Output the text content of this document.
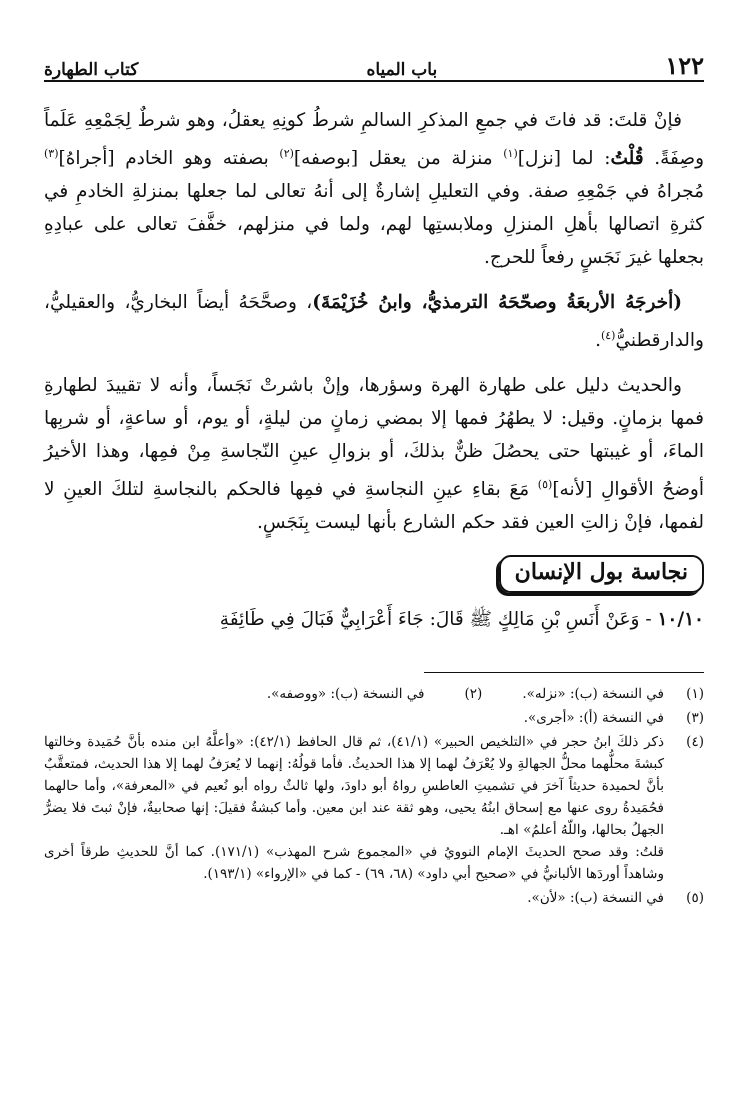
١٢٢
باب المياه
كتاب الطهارة

فإنْ قلتَ: قد فاتَ في جمعِ المذكرِ السالمِ شرطُ كونِهِ يعقلُ، وهو شرطٌ لِجَمْعِهِ عَلَماً وصِفَةً. قُلْتُ: لما [نزل]$^{(١)}$ منزلة من يعقل [بوصفه]$^{(٢)}$ بصفته وهو الخادم [أجراهُ]$^{(٣)}$ مُجراهُ في جَمْعِهِ صفة. وفي التعليلِ إشارةٌ إلى أنهُ تعالى لما جعلها بمنزلةِ الخادمِ في كثرةِ اتصالها بأهلِ المنزلِ وملابستِها لهم، ولما في منزلهم، خفَّفَ تعالى على عبادِهِ بجعلها غيرَ نَجَسٍ رفعاً للحرج.

(أخرجَهُ الأربعَةُ وصحّحَهُ الترمذيُّ، وابنُ خُزَيْمَةَ)، وصحَّحَهُ أيضاً البخاريُّ، والعقيليُّ، والدارقطنيُّ$^{(٤)}$.

والحديث دليل على طهارة الهرة وسؤرها، وإنْ باشرتْ نَجَساً، وأنه لا تقييدَ لطهارةِ فمها بزمانٍ. وقيل: لا يطهُرُ فمها إلا بمضي زمانٍ من ليلةٍ، أو يوم، أو ساعةٍ، أو شربِها الماءَ، أو غيبتها حتى يحصُلَ ظنٌّ بذلكَ، أو بزوالِ عينِ النّجاسةِ مِنْ فمِها، وهذا الأخيرُ أوضحُ الأقوالِ [لأنه]$^{(٥)}$ مَعَ بقاءِ عينِ النجاسةِ في فمِها فالحكم بالنجاسةِ لتلكَ العينِ لا لفمها، فإنْ زالتِ العين فقد حكم الشارع بأنها ليست بِنَجَسٍ.

نجاسة بول الإنسان

١٠/١٠ - وَعَنْ أَنَسِ بْنِ مَالِكٍ ﷺ قَالَ: جَاءَ أَعْرَابِيٌّ فَبَالَ فِي طَائِفَةِ

(١)
في النسخة (ب): «نزله».
(٢)
في النسخة (ب): «ووصفه».
(٣)
في النسخة (أ): «أجرى».
(٤)

ذكر ذلكَ ابنُ حجر في «التلخيص الحبير» (٤١/١)، ثم قال الحافظ (٤٢/١): «وأعلَّهُ ابن منده بأنَّ حُمَيدة وخالتها كبشةَ محلُّهما محلُّ الجهالةِ ولا يُعْرَفُ لهما إلا هذا الحديثُ. فأما قولُهُ: إنهما لا يُعرَفُ لهما إلا هذا الحديث، فمتعقَّبٌ بأنَّ لحميدة حديثاً آخرَ في تشميتِ العاطسِ رواهُ أبو داودَ، ولها ثالثٌ رواه أبو نُعيم في «المعرفة»، وأما حالهما فحُمَيدةُ روى عنها مع إسحاق ابنُهُ يحيى، وهو ثقة عند ابن معين. وأما كبشةُ فقيلَ: إنها صحابيةٌ، فإنْ ثبتَ فلا يضرُّ الجهلُ بحالها، واللّهُ أعلمُ» اهـ.

قلتُ: وقد صحح الحديثَ الإمام النوويُ في «المجموع شرح المهذب» (١٧١/١). كما أنَّ للحديثِ طرقاً أخرى وشاهداً أوردَها الألبانيُّ في «صحيح أبي داود» (٦٨، ٦٩) - كما في «الإرواء» (١٩٣/١).

(٥)
في النسخة (ب): «لأن».
